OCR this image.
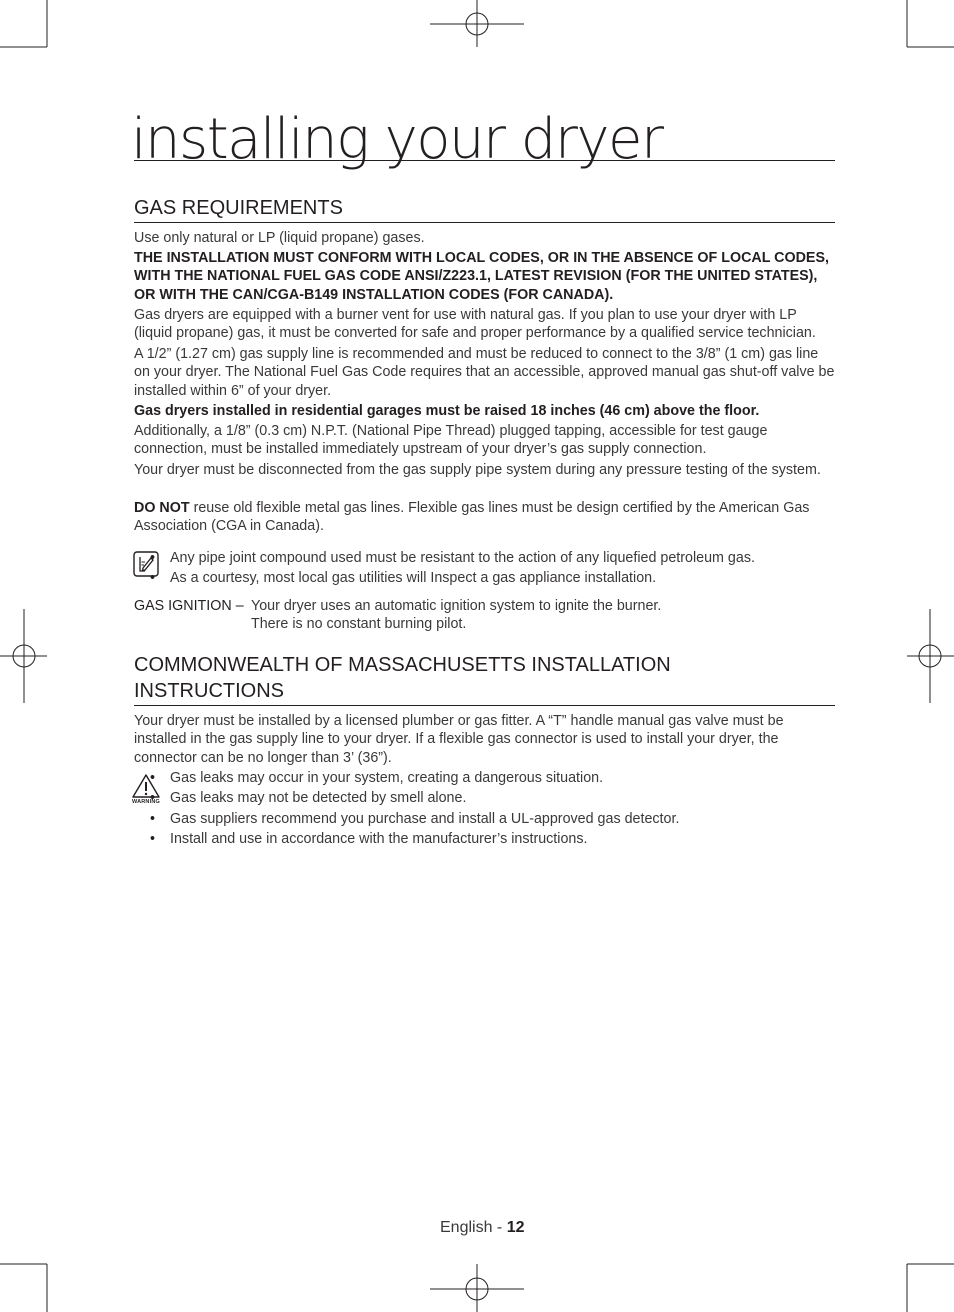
installing your dryer
GAS REQUIREMENTS

Use only natural or LP (liquid propane) gases.

THE INSTALLATION MUST CONFORM WITH LOCAL CODES, OR IN THE ABSENCE OF LOCAL CODES, WITH THE NATIONAL FUEL GAS CODE ANSI/Z223.1, LATEST REVISION (FOR THE UNITED STATES), OR WITH THE CAN/CGA-B149 INSTALLATION CODES (FOR CANADA).

Gas dryers are equipped with a burner vent for use with natural gas. If you plan to use your dryer with LP (liquid propane) gas, it must be converted for safe and proper performance by a qualified service technician.

A 1/2” (1.27 cm) gas supply line is recommended and must be reduced to connect to the 3/8” (1 cm) gas line on your dryer. The National Fuel Gas Code requires that an accessible, approved manual gas shut-off valve be installed within 6” of your dryer.

Gas dryers installed in residential garages must be raised 18 inches (46 cm) above the floor.

Additionally, a 1/8” (0.3 cm) N.P.T. (National Pipe Thread) plugged tapping, accessible for test gauge connection, must be installed immediately upstream of your dryer’s gas supply connection.

Your dryer must be disconnected from the gas supply pipe system during any pressure testing of the system.

DO NOT reuse old flexible metal gas lines. Flexible gas lines must be design certified by the American Gas Association (CGA in Canada).

• Any pipe joint compound used must be resistant to the action of any liquefied petroleum gas.
• As a courtesy, most local gas utilities will Inspect a gas appliance installation.
GAS IGNITION – Your dryer uses an automatic ignition system to ignite the burner.
There is no constant burning pilot.
COMMONWEALTH OF MASSACHUSETTS INSTALLATION
INSTRUCTIONS

Your dryer must be installed by a licensed plumber or gas fitter. A “T” handle manual gas valve must be installed in the gas supply line to your dryer. If a flexible gas connector is used to install your dryer, the connector can be no longer than 3’ (36”).

WARNING
• Gas leaks may occur in your system, creating a dangerous situation.
• Gas leaks may not be detected by smell alone.
• Gas suppliers recommend you purchase and install a UL-approved gas detector.
• Install and use in accordance with the manufacturer’s instructions.
English - 12
